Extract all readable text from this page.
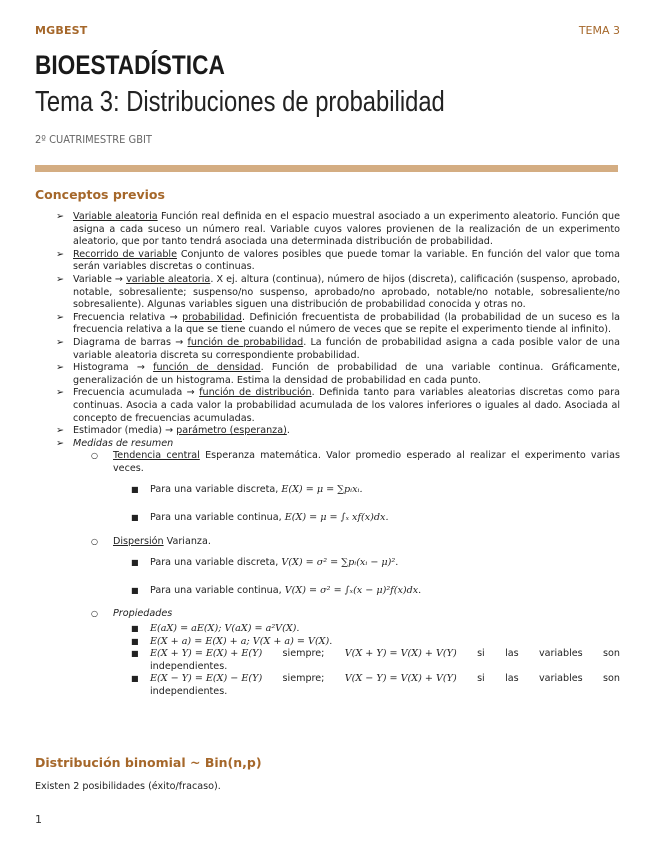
MGBEST	TEMA 3
BIOESTADÍSTICA
Tema 3: Distribuciones de probabilidad
2º CUATRIMESTRE GBIT
Conceptos previos
➢ Variable aleatoria Función real definida en el espacio muestral asociado a un experimento aleatorio. Función que asigna a cada suceso un número real. Variable cuyos valores provienen de la realización de un experimento aleatorio, que por tanto tendrá asociada una determinada distribución de probabilidad.
➢ Recorrido de variable Conjunto de valores posibles que puede tomar la variable. En función del valor que toma serán variables discretas o continuas.
➢ Variable → variable aleatoria. X ej. altura (continua), número de hijos (discreta), calificación (suspenso, aprobado, notable, sobresaliente; suspenso/no suspenso, aprobado/no aprobado, notable/no notable, sobresaliente/no sobresaliente). Algunas variables siguen una distribución de probabilidad conocida y otras no.
➢ Frecuencia relativa → probabilidad. Definición frecuentista de probabilidad (la probabilidad de un suceso es la frecuencia relativa a la que se tiene cuando el número de veces que se repite el experimento tiende al infinito).
➢ Diagrama de barras → función de probabilidad. La función de probabilidad asigna a cada posible valor de una variable aleatoria discreta su correspondiente probabilidad.
➢ Histograma → función de densidad. Función de probabilidad de una variable continua. Gráficamente, generalización de un histograma. Estima la densidad de probabilidad en cada punto.
➢ Frecuencia acumulada → función de distribución. Definida tanto para variables aleatorias discretas como para continuas. Asocia a cada valor la probabilidad acumulada de los valores inferiores o iguales al dado. Asociada al concepto de frecuencias acumuladas.
➢ Estimador (media) → parámetro (esperanza).
➢ Medidas de resumen
○ Tendencia central Esperanza matemática. Valor promedio esperado al realizar el experimento varias veces.
■ Para una variable discreta, E(X) = μ = ∑pᵢxᵢ.
■ Para una variable continua, E(X) = μ = ∫ₓ xf(x)dx.
○ Dispersión Varianza.
■ Para una variable discreta, V(X) = σ² = ∑pᵢ(xᵢ − μ)².
■ Para una variable continua, V(X) = σ² = ∫ₓ(x − μ)²f(x)dx.
○ Propiedades
■ E(aX) = aE(X); V(aX) = a²V(X).
■ E(X + a) = E(X) + a; V(X + a) = V(X).
■ E(X + Y) = E(X) + E(Y) siempre; V(X + Y) = V(X) + V(Y) si las variables son
independientes.
■ E(X − Y) = E(X) − E(Y) siempre; V(X − Y) = V(X) + V(Y) si las variables son
independientes.
Distribución binomial ~ Bin(n,p)
Existen 2 posibilidades (éxito/fracaso).
1
